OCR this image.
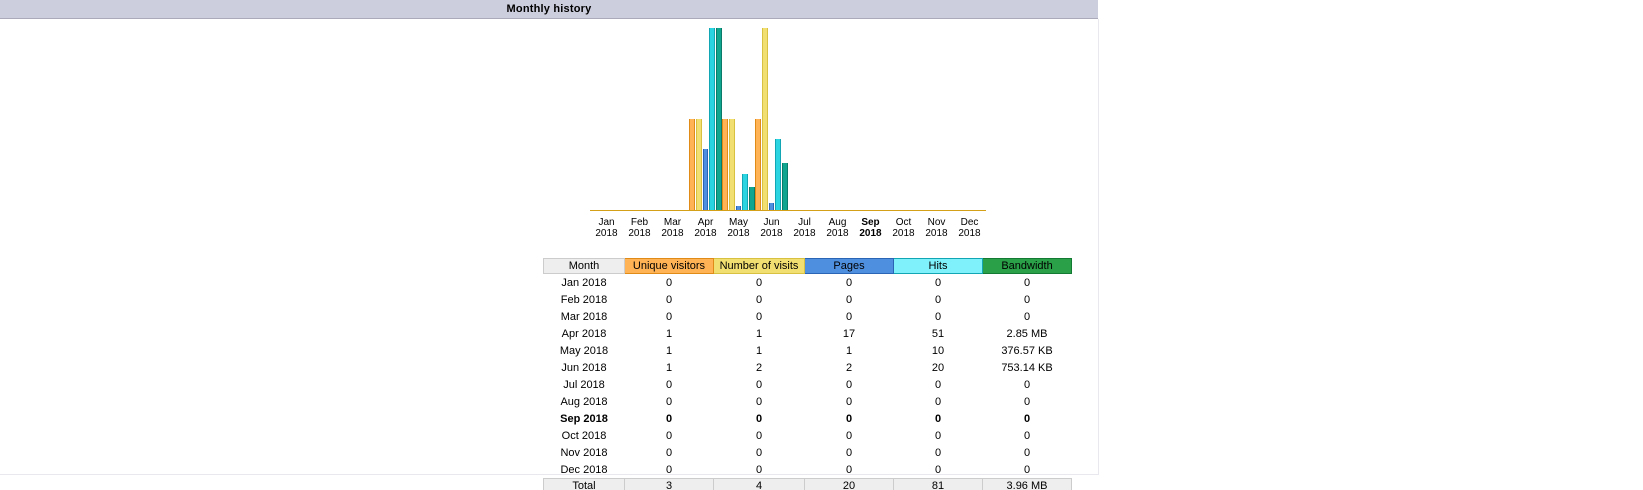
Monthly history
Jan
2018
Feb
2018
Mar
2018
Apr
2018
May
2018
Jun
2018
Jul
2018
Aug
2018
Sep
2018
Oct
2018
Nov
2018
Dec
2018
Month	Unique visitors	Number of visits	Pages	Hits	Bandwidth
Jan 2018	0	0	0	0	0
Feb 2018	0	0	0	0	0
Mar 2018	0	0	0	0	0
Apr 2018	1	1	17	51	2.85 MB
May 2018	1	1	1	10	376.57 KB
Jun 2018	1	2	2	20	753.14 KB
Jul 2018	0	0	0	0	0
Aug 2018	0	0	0	0	0
Sep 2018	0	0	0	0	0
Oct 2018	0	0	0	0	0
Nov 2018	0	0	0	0	0
Dec 2018	0	0	0	0	0
Total	3	4	20	81	3.96 MB
